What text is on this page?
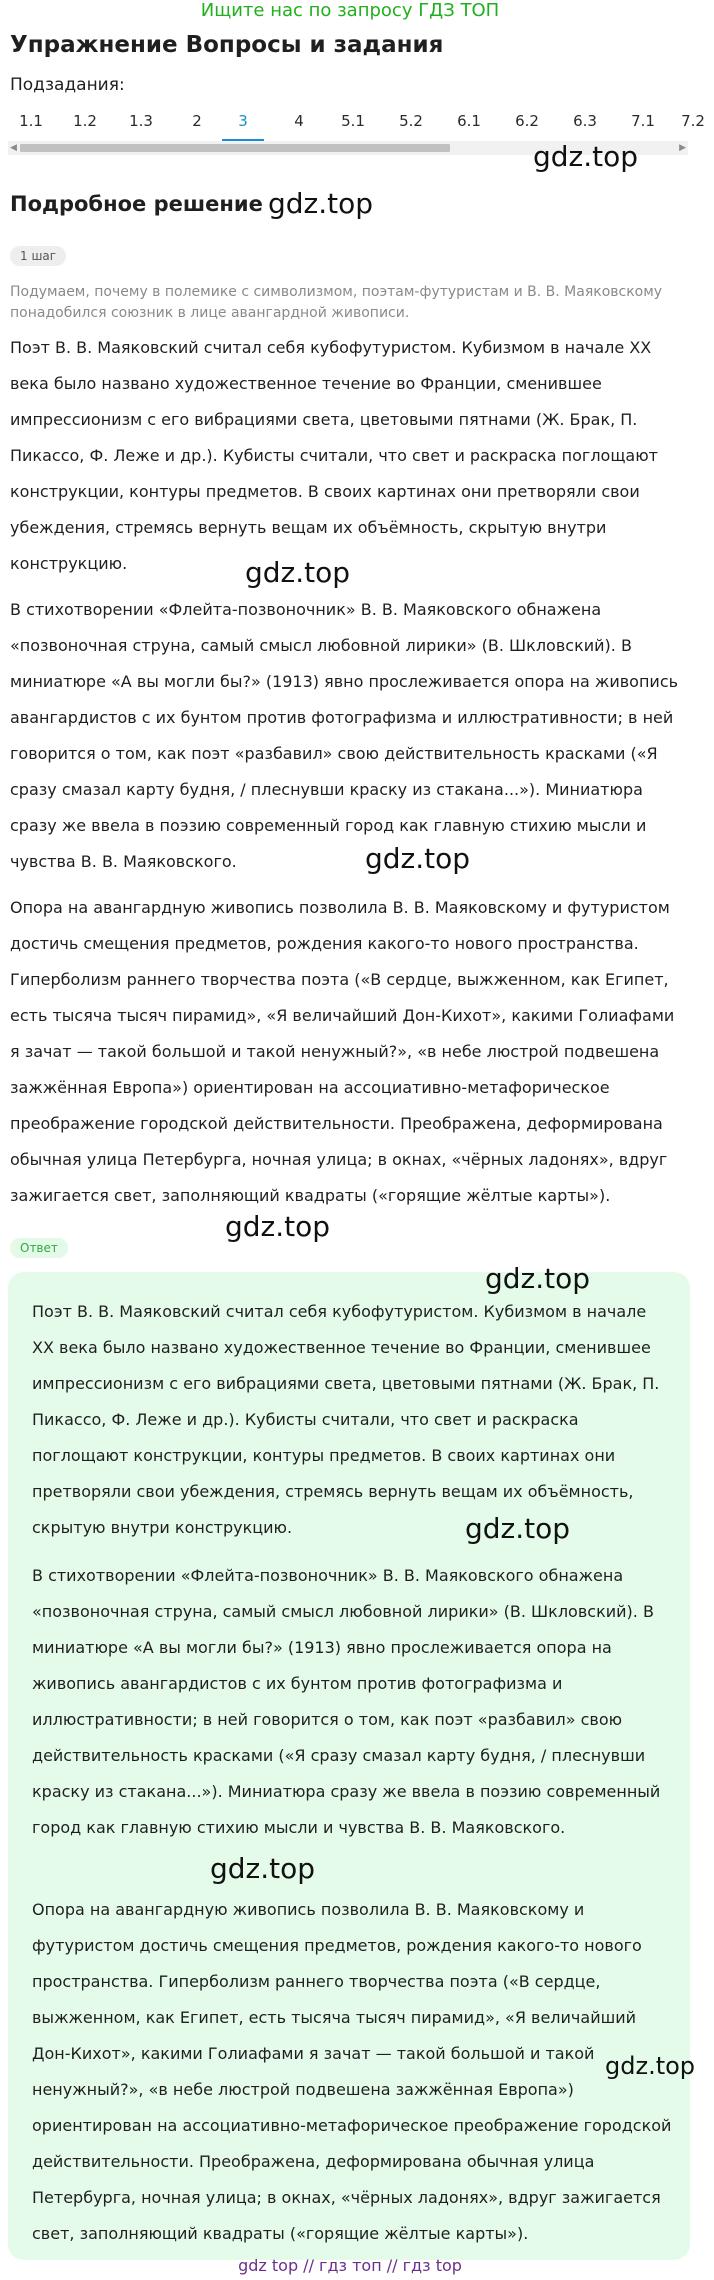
Ищите нас по запросу ГДЗ ТОП
Упражнение Вопросы и задания
Подзадания:
1.1	1.2	1.3	2	3	4	5.1	5.2	6.1	6.2	6.3	7.1	7.2
◀	▶
gdz.top
Подробное решение gdz.top
1 шаг
Подумаем, почему в полемике с символизмом, поэтам-футуристам и В. В. Маяковскому понадобился союзник в лице авангардной живописи.
Поэт В. В. Маяковский считал себя кубофутуристом. Кубизмом в начале XX века было названо художественное течение во Франции, сменившее импрессионизм с его вибрациями света, цветовыми пятнами (Ж. Брак, П. Пикассо, Ф. Леже и др.). Кубисты считали, что свет и раскраска поглощают конструкции, контуры предметов. В своих картинах они претворяли свои убеждения, стремясь вернуть вещам их объёмность, скрытую внутри конструкцию.	gdz.top
В стихотворении «Флейта-позвоночник» В. В. Маяковского обнажена «позвоночная струна, самый смысл любовной лирики» (В. Шкловский). В миниатюре «А вы могли бы?» (1913) явно прослеживается опора на живопись авангардистов с их бунтом против фотографизма и иллюстративности; в ней говорится о том, как поэт «разбавил» свою действительность красками («Я сразу смазал карту будня, / плеснувши краску из стакана...»). Миниатюра сразу же ввела в поэзию современный город как главную стихию мысли и чувства В. В. Маяковского.	gdz.top
Опора на авангардную живопись позволила В. В. Маяковскому и футуристом достичь смещения предметов, рождения какого-то нового пространства. Гиперболизм раннего творчества поэта («В сердце, выжженном, как Египет, есть тысяча тысяч пирамид», «Я величайший Дон-Кихот», какими Голиафами я зачат — такой большой и такой ненужный?», «в небе люстрой подвешена зажжённая Европа») ориентирован на ассоциативно-метафорическое преображение городской действительности. Преображена, деформирована обычная улица Петербурга, ночная улица; в окнах, «чёрных ладонях», вдруг зажигается свет, заполняющий квадраты («горящие жёлтые карты»).
gdz.top
Ответ
gdz.top
Поэт В. В. Маяковский считал себя кубофутуристом. Кубизмом в начале XX века было названо художественное течение во Франции, сменившее импрессионизм с его вибрациями света, цветовыми пятнами (Ж. Брак, П. Пикассо, Ф. Леже и др.). Кубисты считали, что свет и раскраска поглощают конструкции, контуры предметов. В своих картинах они претворяли свои убеждения, стремясь вернуть вещам их объёмность, скрытую внутри конструкцию.	gdz.top
В стихотворении «Флейта-позвоночник» В. В. Маяковского обнажена «позвоночная струна, самый смысл любовной лирики» (В. Шкловский). В миниатюре «А вы могли бы?» (1913) явно прослеживается опора на живопись авангардистов с их бунтом против фотографизма и иллюстративности; в ней говорится о том, как поэт «разбавил» свою действительность красками («Я сразу смазал карту будня, / плеснувши краску из стакана...»). Миниатюра сразу же ввела в поэзию современный город как главную стихию мысли и чувства В. В. Маяковского.
gdz.top
Опора на авангардную живопись позволила В. В. Маяковскому и футуристом достичь смещения предметов, рождения какого-то нового пространства. Гиперболизм раннего творчества поэта («В сердце, выжженном, как Египет, есть тысяча тысяч пирамид», «Я величайший Дон-Кихот», какими Голиафами я зачат — такой большой и такой ненужный?», «в небе люстрой подвешена зажжённая Европа») ориентирован на ассоциативно-метафорическое преображение городской действительности. Преображена, деформирована обычная улица Петербурга, ночная улица; в окнах, «чёрных ладонях», вдруг зажигается свет, заполняющий квадраты («горящие жёлтые карты»).
gdz.top
gdz top // гдз топ // гдз top
